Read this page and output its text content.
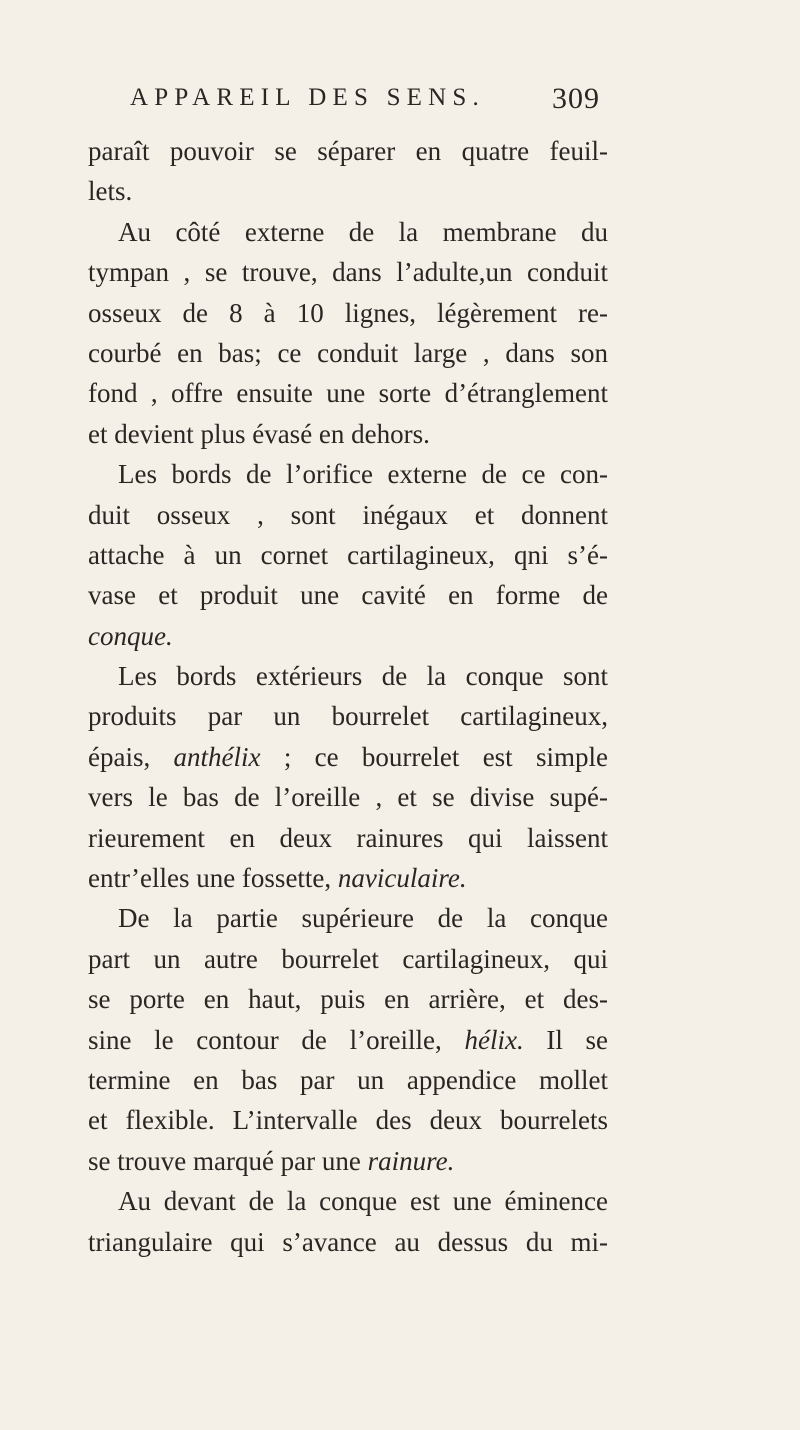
APPAREIL DES SENS. 309
paraît pouvoir se séparer en quatre feuil-
lets.
Au côté externe de la membrane du
tympan , se trouve, dans l’adulte,un conduit
osseux de 8 à 10 lignes, légèrement re-
courbé en bas; ce conduit large , dans son
fond , offre ensuite une sorte d’étranglement
et devient plus évasé en dehors.
Les bords de l’orifice externe de ce con-
duit osseux , sont inégaux et donnent
attache à un cornet cartilagineux, qni s’é-
vase et produit une cavité en forme de
conque.
Les bords extérieurs de la conque sont
produits par un bourrelet cartilagineux,
épais, anthélix ; ce bourrelet est simple
vers le bas de l’oreille , et se divise supé-
rieurement en deux rainures qui laissent
entr’elles une fossette, naviculaire.
De la partie supérieure de la conque
part un autre bourrelet cartilagineux, qui
se porte en haut, puis en arrière, et des-
sine le contour de l’oreille, hélix. Il se
termine en bas par un appendice mollet
et flexible. L’intervalle des deux bourrelets
se trouve marqué par une rainure.
Au devant de la conque est une éminence
triangulaire qui s’avance au dessus du mi-
